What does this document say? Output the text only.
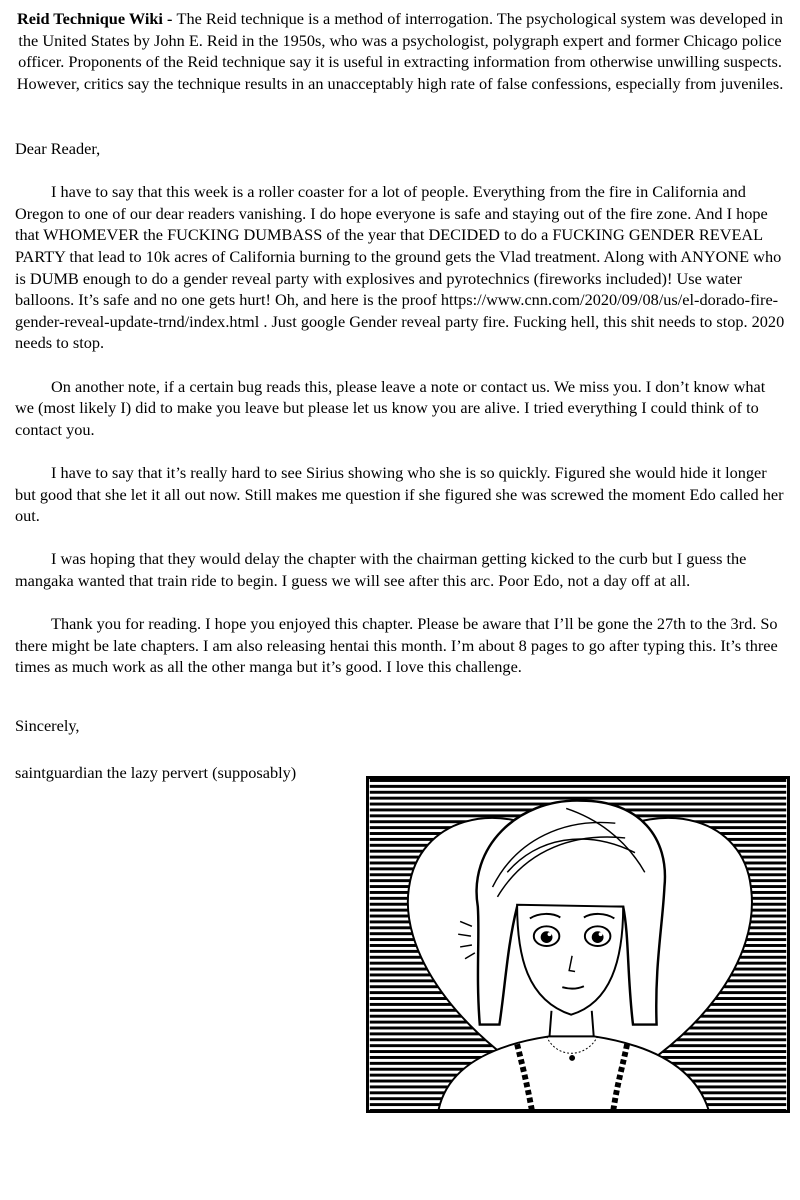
Reid Technique Wiki - The Reid technique is a method of interrogation. The psychological system was developed in the United States by John E. Reid in the 1950s, who was a psychologist, polygraph expert and former Chicago police officer. Proponents of the Reid technique say it is useful in extracting information from otherwise unwilling suspects. However, critics say the technique results in an unacceptably high rate of false confessions, especially from juveniles.

Dear Reader,

I have to say that this week is a roller coaster for a lot of people. Everything from the fire in California and Oregon to one of our dear readers vanishing. I do hope everyone is safe and staying out of the fire zone. And I hope that WHOMEVER the FUCKING DUMBASS of the year that DECIDED to do a FUCKING GENDER REVEAL PARTY that lead to 10k acres of California burning to the ground gets the Vlad treatment. Along with ANYONE who is DUMB enough to do a gender reveal party with explosives and pyrotechnics (fireworks included)! Use water balloons. It’s safe and no one gets hurt! Oh, and here is the proof https://www.cnn.com/2020/09/08/us/el-dorado-fire-gender-reveal-update-trnd/index.html . Just google Gender reveal party fire. Fucking hell, this shit needs to stop. 2020 needs to stop.

On another note, if a certain bug reads this, please leave a note or contact us. We miss you. I don’t know what we (most likely I) did to make you leave but please let us know you are alive. I tried everything I could think of to contact you.

I have to say that it’s really hard to see Sirius showing who she is so quickly. Figured she would hide it longer but good that she let it all out now. Still makes me question if she figured she was screwed the moment Edo called her out.

I was hoping that they would delay the chapter with the chairman getting kicked to the curb but I guess the mangaka wanted that train ride to begin. I guess we will see after this arc. Poor Edo, not a day off at all.

Thank you for reading. I hope you enjoyed this chapter. Please be aware that I’ll be gone the 27th to the 3rd. So there might be late chapters. I am also releasing hentai this month. I’m about 8 pages to go after typing this. It’s three times as much work as all the other manga but it’s good. I love this challenge.

Sincerely,

saintguardian the lazy pervert (supposably)
